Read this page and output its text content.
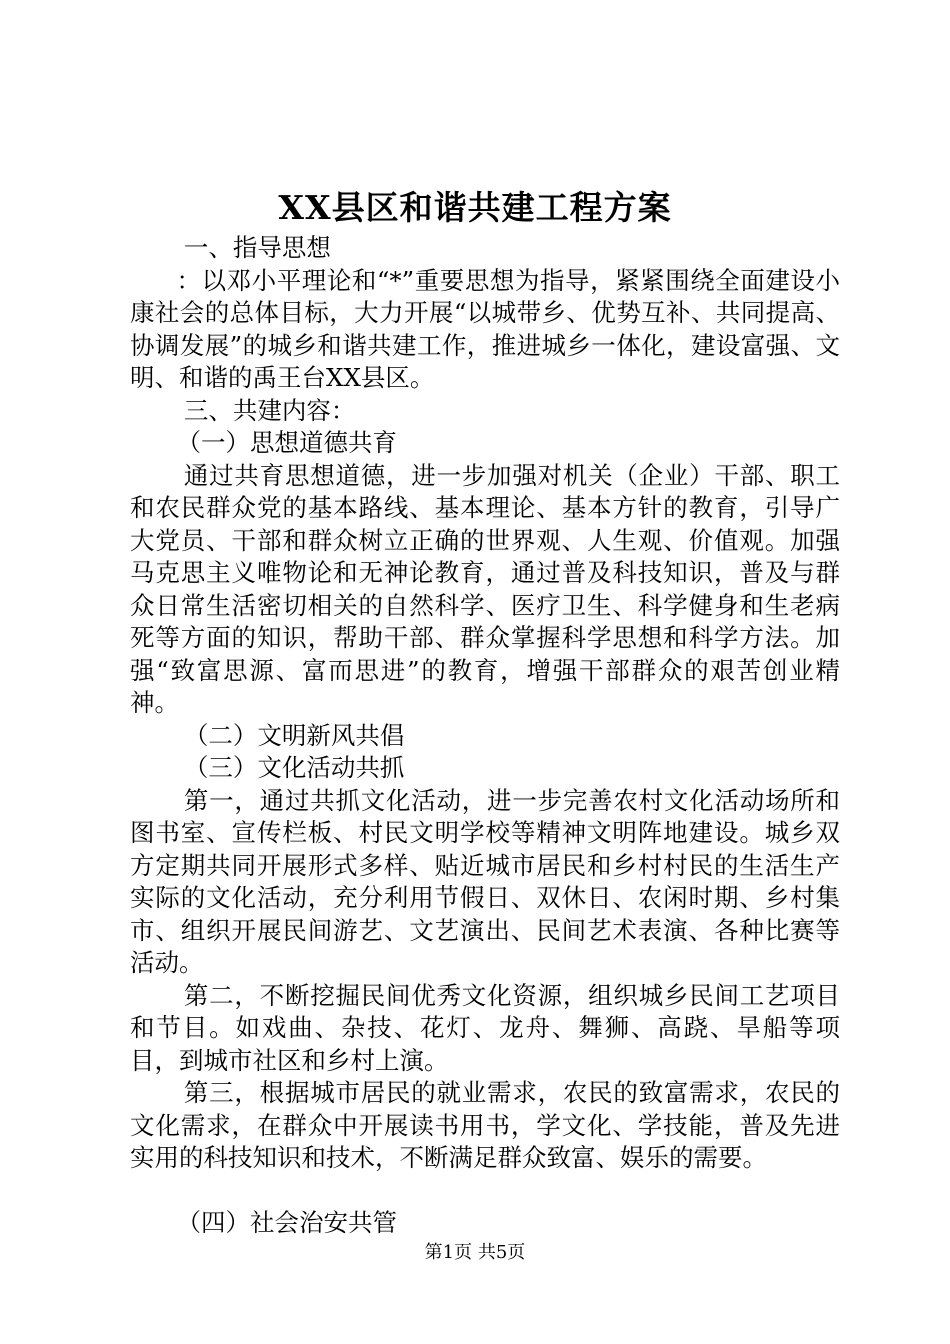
XX县区和谐共建工程方案

一、指导思想

：以邓小平理论和“*”重要思想为指导，紧紧围绕全面建设小康社会的总体目标，大力开展“以城带乡、优势互补、共同提高、协调发展”的城乡和谐共建工作，推进城乡一体化，建设富强、文明、和谐的禹王台XX县区。

三、共建内容：

（一）思想道德共育

通过共育思想道德，进一步加强对机关（企业）干部、职工和农民群众党的基本路线、基本理论、基本方针的教育，引导广大党员、干部和群众树立正确的世界观、人生观、价值观。加强马克思主义唯物论和无神论教育，通过普及科技知识，普及与群众日常生活密切相关的自然科学、医疗卫生、科学健身和生老病死等方面的知识，帮助干部、群众掌握科学思想和科学方法。加强“致富思源、富而思进”的教育，增强干部群众的艰苦创业精神。

（二）文明新风共倡

（三）文化活动共抓

第一，通过共抓文化活动，进一步完善农村文化活动场所和图书室、宣传栏板、村民文明学校等精神文明阵地建设。城乡双方定期共同开展形式多样、贴近城市居民和乡村村民的生活生产实际的文化活动，充分利用节假日、双休日、农闲时期、乡村集市、组织开展民间游艺、文艺演出、民间艺术表演、各种比赛等活动。

第二，不断挖掘民间优秀文化资源，组织城乡民间工艺项目和节目。如戏曲、杂技、花灯、龙舟、舞狮、高跷、旱船等项目，到城市社区和乡村上演。

第三，根据城市居民的就业需求，农民的致富需求，农民的文化需求，在群众中开展读书用书，学文化、学技能，普及先进实用的科技知识和技术，不断满足群众致富、娱乐的需要。

（四）社会治安共管

第1页 共5页
